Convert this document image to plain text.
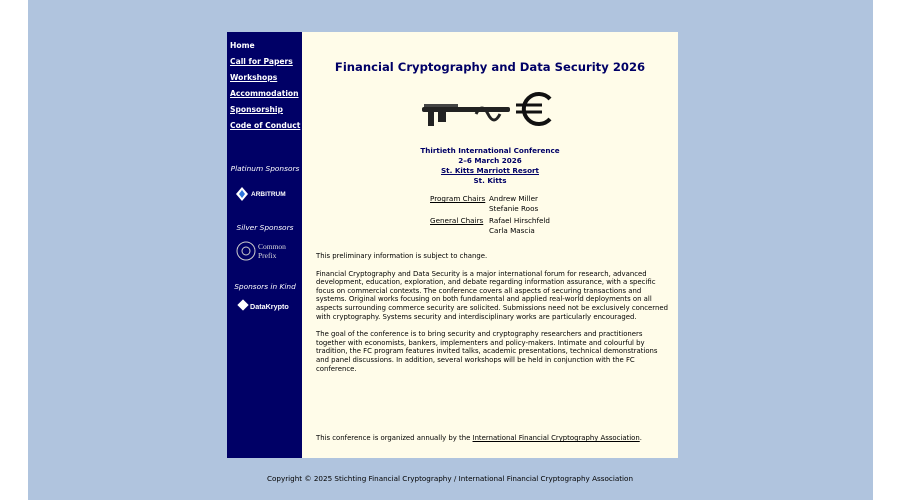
Home
Call for Papers
Workshops
Accommodation
Sponsorship
Code of Conduct

Platinum Sponsors

ARBITRUM

Silver Sponsors

Common
Prefix

Sponsors in Kind

DataKrypto
Financial Cryptography and Data Security 2026
Thirtieth International Conference
2–6 March 2026
St. Kitts Marriott Resort
St. Kitts
Program Chairs Andrew Miller
Stefanie Roos
General Chairs Rafael Hirschfeld
Carla Mascia

This preliminary information is subject to change.

Financial Cryptography and Data Security is a major international forum for research, advanced development, education, exploration, and debate regarding information assurance, with a specific focus on commercial contexts. The conference covers all aspects of securing transactions and systems. Original works focusing on both fundamental and applied real-world deployments on all aspects surrounding commerce security are solicited. Submissions need not be exclusively concerned with cryptography. Systems security and interdisciplinary works are particularly encouraged.

The goal of the conference is to bring security and cryptography researchers and practitioners together with economists, bankers, implementers and policy-makers. Intimate and colourful by tradition, the FC program features invited talks, academic presentations, technical demonstrations and panel discussions. In addition, several workshops will be held in conjunction with the FC conference.

This conference is organized annually by the International Financial Cryptography Association.
Copyright © 2025 Stichting Financial Cryptography / International Financial Cryptography Association
